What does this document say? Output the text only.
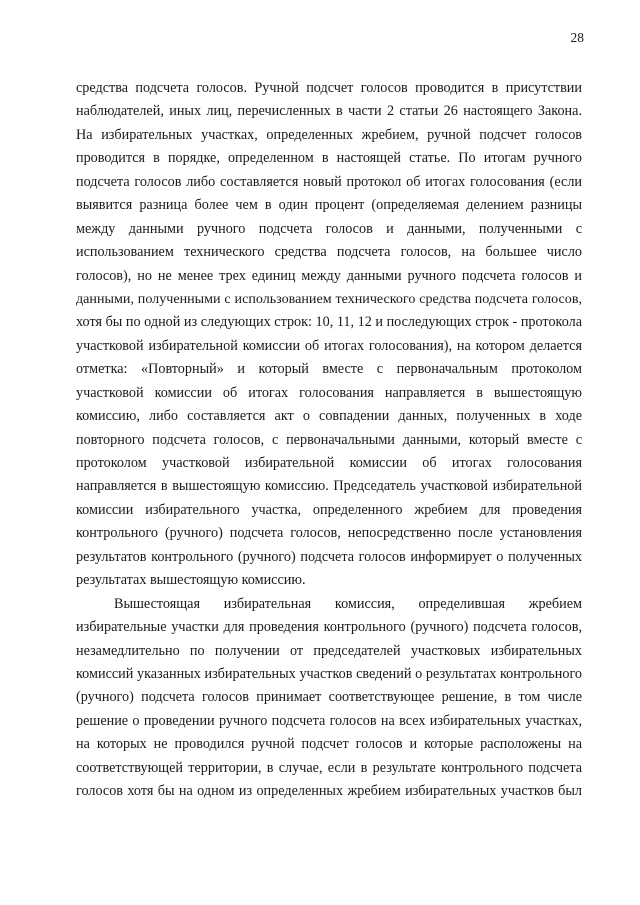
28
средства подсчета голосов. Ручной подсчет голосов проводится в присутствии
наблюдателей, иных лиц, перечисленных в части 2 статьи 26 настоящего Закона.
На избирательных участках, определенных жребием, ручной подсчет голосов
проводится в порядке, определенном в настоящей статье. По итогам ручного
подсчета голосов либо составляется новый протокол об итогах голосования (если
выявится разница более чем в один процент (определяемая делением разницы
между данными ручного подсчета голосов и данными, полученными с
использованием технического средства подсчета голосов, на большее число
голосов), но не менее трех единиц между данными ручного подсчета голосов и
данными, полученными с использованием технического средства подсчета голосов,
хотя бы по одной из следующих строк: 10, 11, 12 и последующих строк - протокола
участковой избирательной комиссии об итогах голосования), на котором делается
отметка: «Повторный» и который вместе с первоначальным протоколом
участковой комиссии об итогах голосования направляется в вышестоящую
комиссию, либо составляется акт о совпадении данных, полученных в ходе
повторного подсчета голосов, с первоначальными данными, который вместе с
протоколом участковой избирательной комиссии об итогах голосования
направляется в вышестоящую комиссию. Председатель участковой избирательной
комиссии избирательного участка, определенного жребием для проведения
контрольного (ручного) подсчета голосов, непосредственно после установления
результатов контрольного (ручного) подсчета голосов информирует о полученных
результатах вышестоящую комиссию.
Вышестоящая избирательная комиссия, определившая жребием
избирательные участки для проведения контрольного (ручного) подсчета голосов,
незамедлительно по получении от председателей участковых избирательных
комиссий указанных избирательных участков сведений о результатах контрольного
(ручного) подсчета голосов принимает соответствующее решение, в том числе
решение о проведении ручного подсчета голосов на всех избирательных участках,
на которых не проводился ручной подсчет голосов и которые расположены на
соответствующей территории, в случае, если в результате контрольного подсчета
голосов хотя бы на одном из определенных жребием избирательных участков был
